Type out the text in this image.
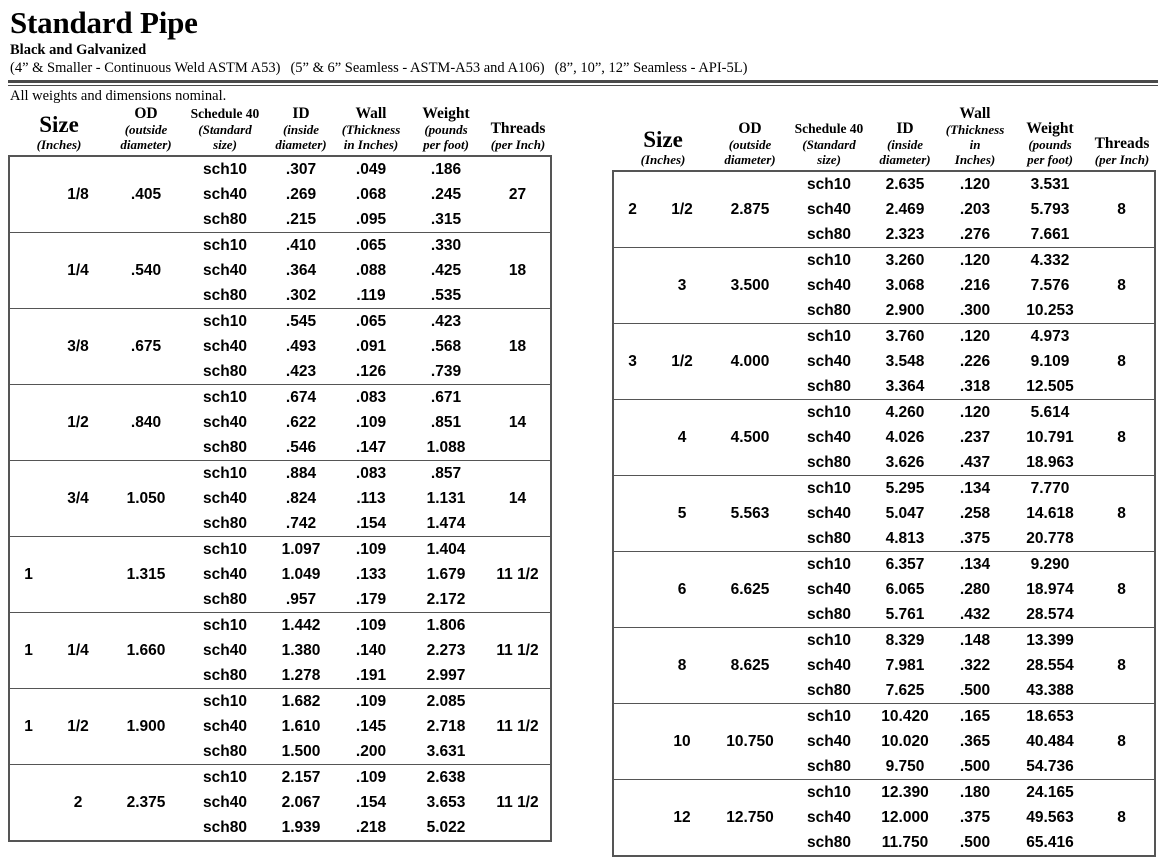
Standard Pipe
Black and Galvanized
(4” & Smaller - Continuous Weld ASTM A53) (5” & 6” Seamless - ASTM-A53 and A106) (8”, 10”, 12” Seamless - API-5L)
All weights and dimensions nominal.
Size
(Inches)		OD
(outside
diameter)	Schedule 40
(Standard
size)	ID
(inside
diameter)	Wall
(Thickness
in Inches)	Weight
(pounds
per foot)	Threads
(per Inch)

	1/8	.405	sch10	.307	.049	.186	27
			sch40	.269	.068	.245	
			sch80	.215	.095	.315	
	1/4	.540	sch10	.410	.065	.330	18
			sch40	.364	.088	.425	
			sch80	.302	.119	.535	
	3/8	.675	sch10	.545	.065	.423	18
			sch40	.493	.091	.568	
			sch80	.423	.126	.739	
	1/2	.840	sch10	.674	.083	.671	14
			sch40	.622	.109	.851	
			sch80	.546	.147	1.088	
	3/4	1.050	sch10	.884	.083	.857	14
			sch40	.824	.113	1.131	
			sch80	.742	.154	1.474	
1		1.315	sch10	1.097	.109	1.404	11 1/2
			sch40	1.049	.133	1.679	
			sch80	.957	.179	2.172	
1	1/4	1.660	sch10	1.442	.109	1.806	11 1/2
			sch40	1.380	.140	2.273	
			sch80	1.278	.191	2.997	
1	1/2	1.900	sch10	1.682	.109	2.085	11 1/2
			sch40	1.610	.145	2.718	
			sch80	1.500	.200	3.631	
	2	2.375	sch10	2.157	.109	2.638	11 1/2
			sch40	2.067	.154	3.653	
			sch80	1.939	.218	5.022	
Size
(Inches)		OD
(outside
diameter)	Schedule 40
(Standard
size)	ID
(inside
diameter)	Wall
(Thickness in
Inches)	Weight
(pounds
per foot)	Threads
(per Inch)

2	1/2	2.875	sch10	2.635	.120	3.531	8
			sch40	2.469	.203	5.793	
			sch80	2.323	.276	7.661	
	3	3.500	sch10	3.260	.120	4.332	8
			sch40	3.068	.216	7.576	
			sch80	2.900	.300	10.253	
3	1/2	4.000	sch10	3.760	.120	4.973	8
			sch40	3.548	.226	9.109	
			sch80	3.364	.318	12.505	
	4	4.500	sch10	4.260	.120	5.614	8
			sch40	4.026	.237	10.791	
			sch80	3.626	.437	18.963	
	5	5.563	sch10	5.295	.134	7.770	8
			sch40	5.047	.258	14.618	
			sch80	4.813	.375	20.778	
	6	6.625	sch10	6.357	.134	9.290	8
			sch40	6.065	.280	18.974	
			sch80	5.761	.432	28.574	
	8	8.625	sch10	8.329	.148	13.399	8
			sch40	7.981	.322	28.554	
			sch80	7.625	.500	43.388	
	10	10.750	sch10	10.420	.165	18.653	8
			sch40	10.020	.365	40.484	
			sch80	9.750	.500	54.736	
	12	12.750	sch10	12.390	.180	24.165	8
			sch40	12.000	.375	49.563	
			sch80	11.750	.500	65.416	
